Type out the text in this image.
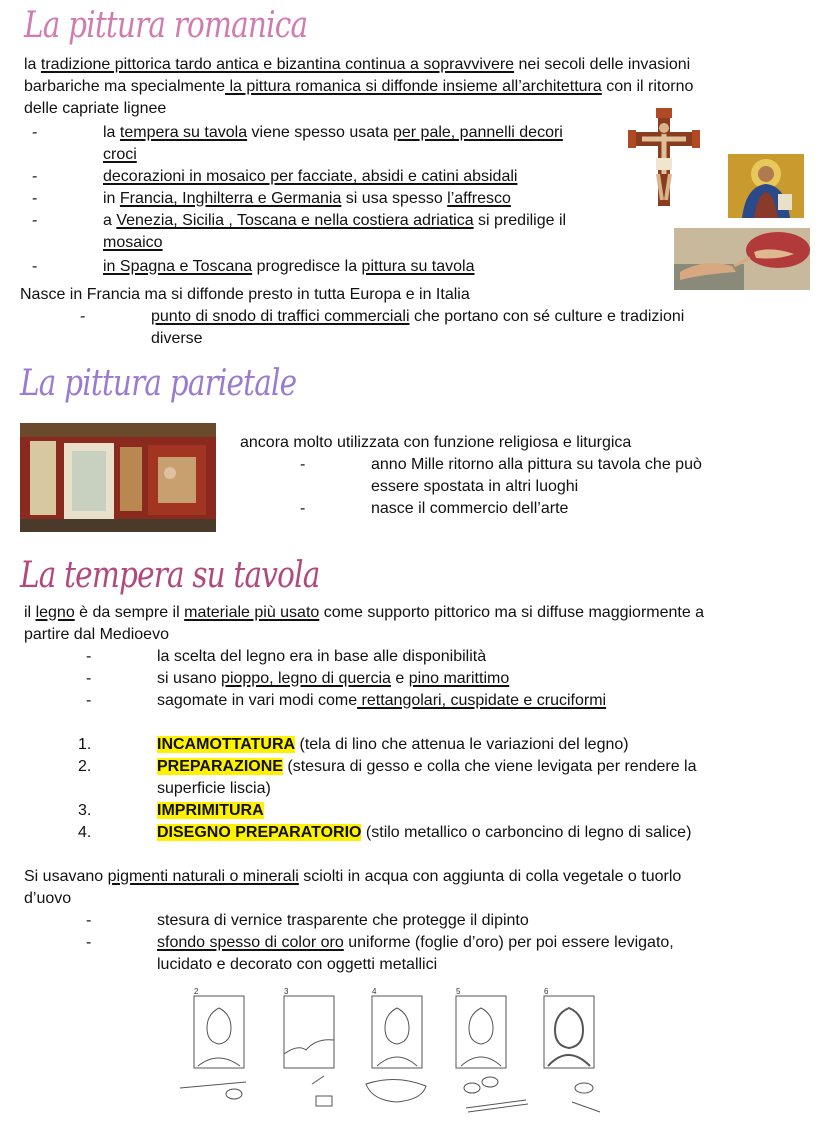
La pittura romanica
la tradizione pittorica tardo antica e bizantina continua a sopravvivere nei secoli delle invasioni
barbariche ma specialmente la pittura romanica si diffonde insieme all’architettura con il ritorno
delle capriate lignee
-	la tempera su tavola viene spesso usata per pale, pannelli decori
croci
-	decorazioni in mosaico per facciate, absidi e catini absidali
-	in Francia, Inghilterra e Germania si usa spesso l’affresco
-	a Venezia, Sicilia , Toscana e nella costiera adriatica si predilige il
mosaico
-	in Spagna e Toscana progredisce la pittura su tavola
Nasce in Francia ma si diffonde presto in tutta Europa e in Italia
-	punto di snodo di traffici commerciali che portano con sé culture e tradizioni
diverse
La pittura parietale
ancora molto utilizzata con funzione religiosa e liturgica
-	anno Mille ritorno alla pittura su tavola che può
essere spostata in altri luoghi
-	nasce il commercio dell’arte
La tempera su tavola
il legno è da sempre il materiale più usato come supporto pittorico ma si diffuse maggiormente a
partire dal Medioevo
-	la scelta del legno era in base alle disponibilità
-	si usano pioppo, legno di quercia e pino marittimo
-	sagomate in vari modi come rettangolari, cuspidate e cruciformi
1.	INCAMOTTATURA (tela di lino che attenua le variazioni del legno)
2.	PREPARAZIONE (stesura di gesso e colla che viene levigata per rendere la
superficie liscia)
3.	IMPRIMITURA
4.	DISEGNO PREPARATORIO (stilo metallico o carboncino di legno di salice)
Si usavano pigmenti naturali o minerali sciolti in acqua con aggiunta di colla vegetale o tuorlo
d’uovo
-	stesura di vernice trasparente che protegge il dipinto
-	sfondo spesso di color oro uniforme (foglie d’oro) per poi essere levigato,
lucidato e decorato con oggetti metallici
2	3	4	5	6
